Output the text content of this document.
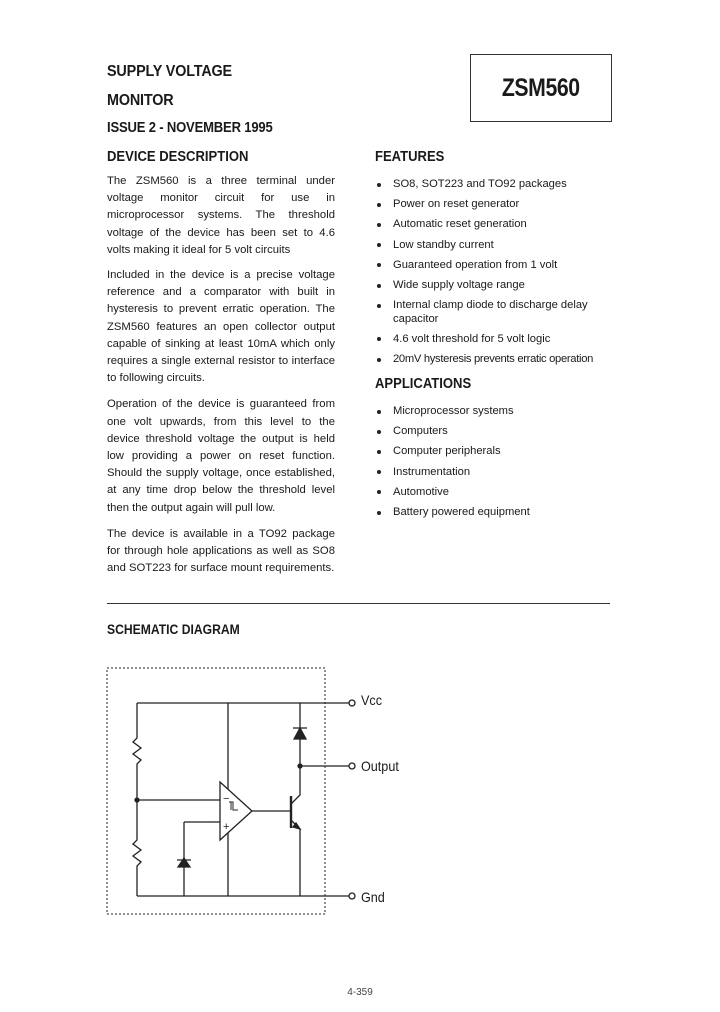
SUPPLY VOLTAGE
MONITOR
ISSUE 2 - NOVEMBER 1995
ZSM560
DEVICE DESCRIPTION

The ZSM560 is a three terminal under voltage monitor circuit for use in microprocessor systems. The threshold voltage of the device has been set to 4.6 volts making it ideal for 5 volt circuits

Included in the device is a precise voltage reference and a comparator with built in hysteresis to prevent erratic operation. The ZSM560 features an open collector output capable of sinking at least 10mA which only requires a single external resistor to interface to following circuits.

Operation of the device is guaranteed from one volt upwards, from this level to the device threshold voltage the output is held low providing a power on reset function. Should the supply voltage, once established, at any time drop below the threshold level then the output again will pull low.

The device is available in a TO92 package for through hole applications as well as SO8 and SOT223 for surface mount requirements.

FEATURES
SO8, SOT223 and TO92 packages
Power on reset generator
Automatic reset generation
Low standby current
Guaranteed operation from 1 volt
Wide supply voltage range
Internal clamp diode to discharge delay capacitor
4.6 volt threshold for 5 volt logic
20mV hysteresis prevents erratic operation
APPLICATIONS
Microprocessor systems
Computers
Computer peripherals
Instrumentation
Automotive
Battery powered equipment
SCHEMATIC DIAGRAM
−
+
Vcc
Output
Gnd
4-359
